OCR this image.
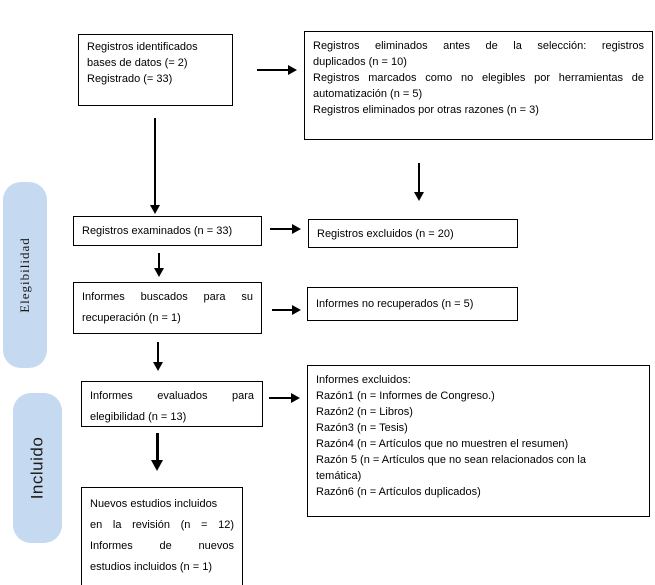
Elegibilidad
Incluido
Registros identificados
bases de datos (= 2)
Registrado (= 33)
Registros eliminados antes de la selección: registros
duplicados (n = 10)
Registros marcados como no elegibles por herramientas de
automatización (n = 5)
Registros eliminados por otras razones (n = 3)
Registros examinados (n = 33)	Registros excluidos (n = 20)
Informes buscados para su
recuperación (n = 1)
Informes no recuperados (n = 5)
Informes evaluados para
elegibilidad (n = 13)
Informes excluidos:
Razón1 (n = Informes de Congreso.)
Razón2 (n = Libros)
Razón3 (n = Tesis)
Razón4 (n = Artículos que no muestren el resumen)
Razón 5 (n = Artículos que no sean relacionados con la
temática)
Razón6 (n = Artículos duplicados)
Nuevos estudios incluidos
en la revisión (n = 12)
Informes de nuevos
estudios incluidos (n = 1)
